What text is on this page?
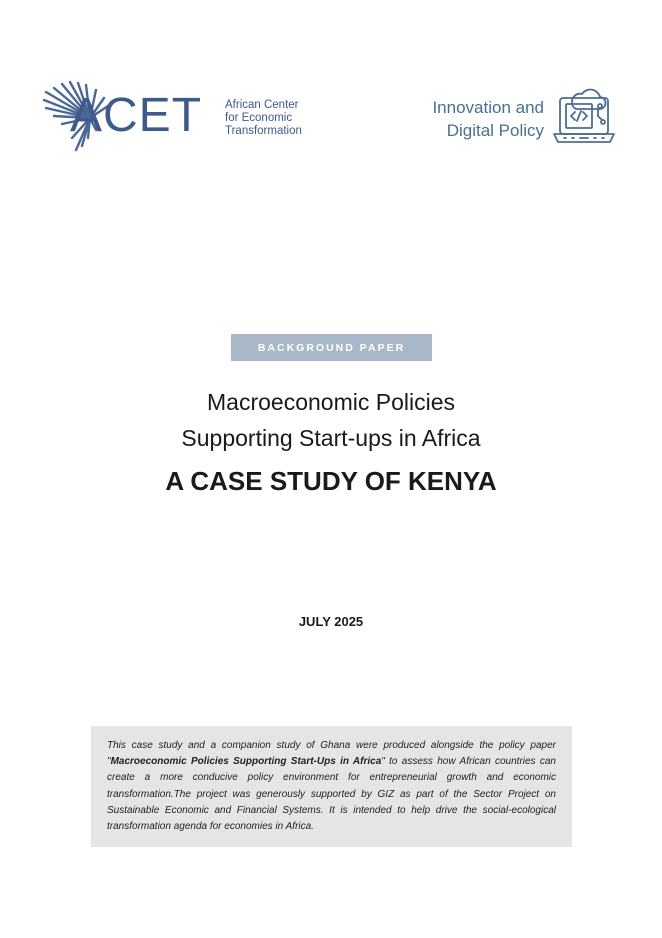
ACET African Center
for Economic
Transformation
Innovation and
Digital Policy
BACKGROUND PAPER
Macroeconomic Policies
Supporting Start-ups in Africa
A CASE STUDY OF KENYA
JULY 2025
This case study and a companion study of Ghana were produced alongside the policy paper "Macroeconomic Policies Supporting Start-Ups in Africa" to assess how African countries can create a more conducive policy environment for entrepreneurial growth and economic transformation.The project was generously supported by GIZ as part of the Sector Project on Sustainable Economic and Financial Systems. It is intended to help drive the social-ecological transformation agenda for economies in Africa.
